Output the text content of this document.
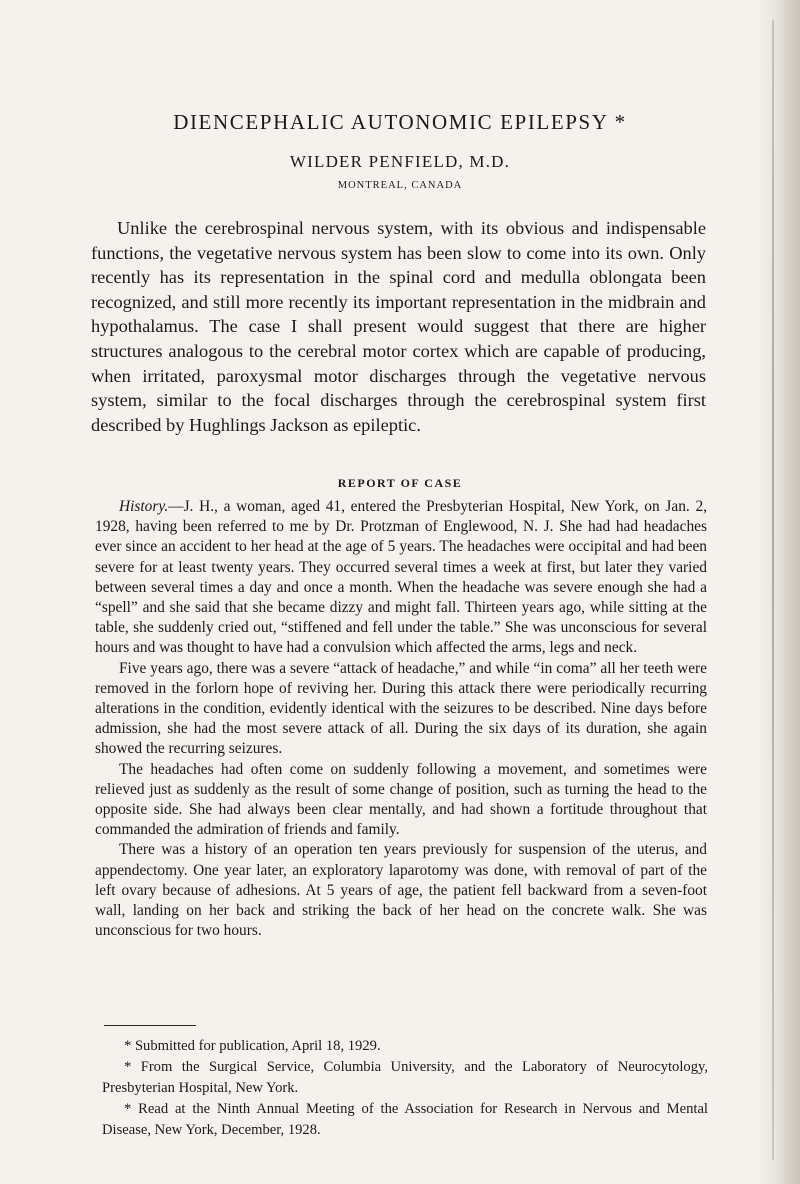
DIENCEPHALIC AUTONOMIC EPILEPSY *

WILDER PENFIELD, M.D.

MONTREAL, CANADA

Unlike the cerebrospinal nervous system, with its obvious and indispensable functions, the vegetative nervous system has been slow to come into its own. Only recently has its representation in the spinal cord and medulla oblongata been recognized, and still more recently its important representation in the midbrain and hypothalamus. The case I shall present would suggest that there are higher structures analogous to the cerebral motor cortex which are capable of producing, when irritated, paroxysmal motor discharges through the vegetative nervous system, similar to the focal discharges through the cerebrospinal system first described by Hughlings Jackson as epileptic.

REPORT OF CASE

History.—J. H., a woman, aged 41, entered the Presbyterian Hospital, New York, on Jan. 2, 1928, having been referred to me by Dr. Protzman of Englewood, N. J. She had had headaches ever since an accident to her head at the age of 5 years. The headaches were occipital and had been severe for at least twenty years. They occurred several times a week at first, but later they varied between several times a day and once a month. When the headache was severe enough she had a “spell” and she said that she became dizzy and might fall. Thirteen years ago, while sitting at the table, she suddenly cried out, “stiffened and fell under the table.” She was unconscious for several hours and was thought to have had a convulsion which affected the arms, legs and neck.

Five years ago, there was a severe “attack of headache,” and while “in coma” all her teeth were removed in the forlorn hope of reviving her. During this attack there were periodically recurring alterations in the condition, evidently identical with the seizures to be described. Nine days before admission, she had the most severe attack of all. During the six days of its duration, she again showed the recurring seizures.

The headaches had often come on suddenly following a movement, and sometimes were relieved just as suddenly as the result of some change of position, such as turning the head to the opposite side. She had always been clear mentally, and had shown a fortitude throughout that commanded the admiration of friends and family.

There was a history of an operation ten years previously for suspension of the uterus, and appendectomy. One year later, an exploratory laparotomy was done, with removal of part of the left ovary because of adhesions. At 5 years of age, the patient fell backward from a seven-foot wall, landing on her back and striking the back of her head on the concrete walk. She was unconscious for two hours.

* Submitted for publication, April 18, 1929.

* From the Surgical Service, Columbia University, and the Laboratory of Neurocytology, Presbyterian Hospital, New York.

* Read at the Ninth Annual Meeting of the Association for Research in Nervous and Mental Disease, New York, December, 1928.
